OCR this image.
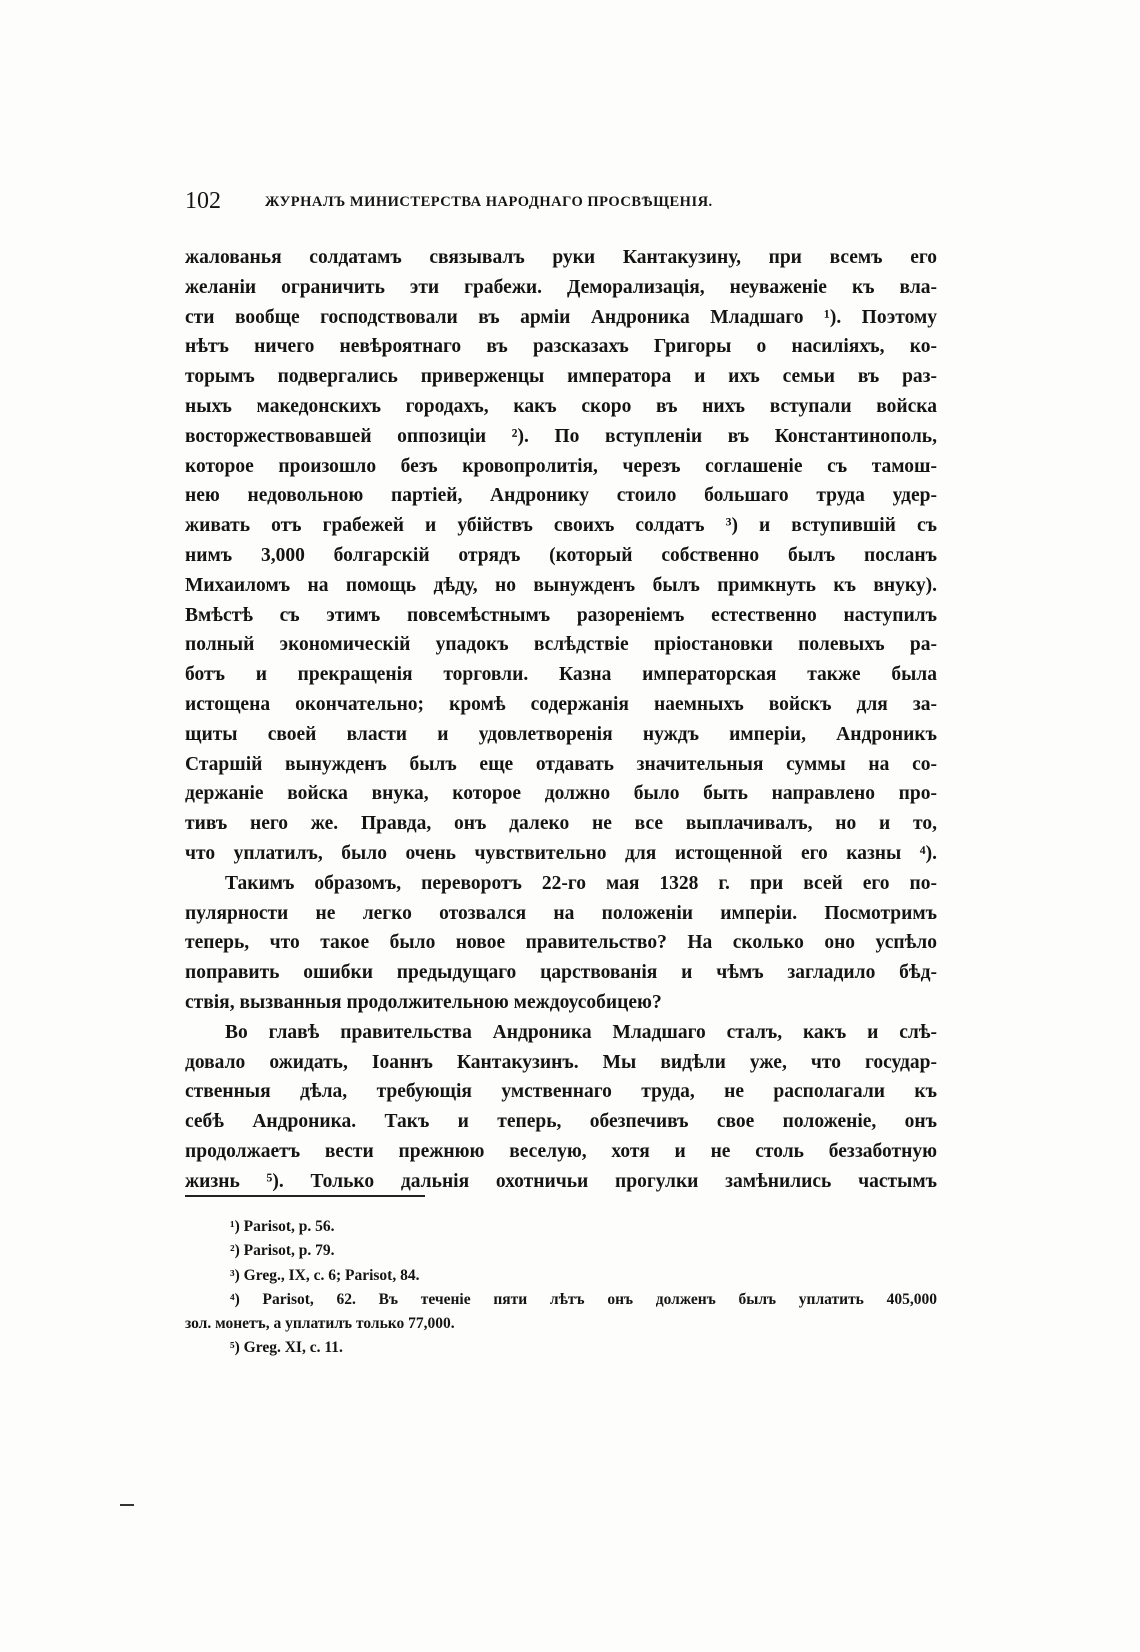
102	ЖУРНАЛЪ МИНИСТЕРСТВА НАРОДНАГО ПРОСВѢЩЕНІЯ.
жалованья солдатамъ связывалъ руки Кантакузину, при всемъ его
желаніи ограничить эти грабежи. Деморализація, неуваженіе къ вла-
сти вообще господствовали въ арміи Андроника Младшаго ¹). Поэтому
нѣтъ ничего невѣроятнаго въ разсказахъ Григоры о насиліяхъ, ко-
торымъ подвергались приверженцы императора и ихъ семьи въ раз-
ныхъ македонскихъ городахъ, какъ скоро въ нихъ вступали войска
восторжествовавшей оппозиціи ²). По вступленіи въ Константинополь,
которое произошло безъ кровопролитія, черезъ соглашеніе съ тамош-
нею недовольною партіей, Андронику стоило большаго труда удер-
живать отъ грабежей и убійствъ своихъ солдатъ ³) и вступившій съ
нимъ 3,000 болгарскій отрядъ (который собственно былъ посланъ
Михаиломъ на помощь дѣду, но вынужденъ былъ примкнуть къ внуку).
Вмѣстѣ съ этимъ повсемѣстнымъ разореніемъ естественно наступилъ
полный экономическій упадокъ вслѣдствіе пріостановки полевыхъ ра-
ботъ и прекращенія торговли. Казна императорская также была
истощена окончательно; кромѣ содержанія наемныхъ войскъ для за-
щиты своей власти и удовлетворенія нуждъ имперіи, Андроникъ
Старшій вынужденъ былъ еще отдавать значительныя суммы на со-
держаніе войска внука, которое должно было быть направлено про-
тивъ него же. Правда, онъ далеко не все выплачивалъ, но и то,
что уплатилъ, было очень чувствительно для истощенной его казны ⁴).
Такимъ образомъ, переворотъ 22-го мая 1328 г. при всей его по-
пулярности не легко отозвался на положеніи имперіи. Посмотримъ
теперь, что такое было новое правительство? На сколько оно успѣло
поправить ошибки предыдущаго царствованія и чѣмъ загладило бѣд-
ствія, вызванныя продолжительною междоусобицею?
Во главѣ правительства Андроника Младшаго сталъ, какъ и слѣ-
довало ожидать, Іоаннъ Кантакузинъ. Мы видѣли уже, что государ-
ственныя дѣла, требующія умственнаго труда, не располагали къ
себѣ Андроника. Такъ и теперь, обезпечивъ свое положеніе, онъ
продолжаетъ вести прежнюю веселую, хотя и не столь беззаботную
жизнь ⁵). Только дальнія охотничьи прогулки замѣнились частымъ
¹) Parisot, p. 56.
²) Parisot, p. 79.
³) Greg., IX, c. 6; Parisot, 84.
⁴) Parisot, 62. Въ теченіе пяти лѣтъ онъ долженъ былъ уплатить 405,000
зол. монетъ, а уплатилъ только 77,000.
⁵) Greg. XI, c. 11.
